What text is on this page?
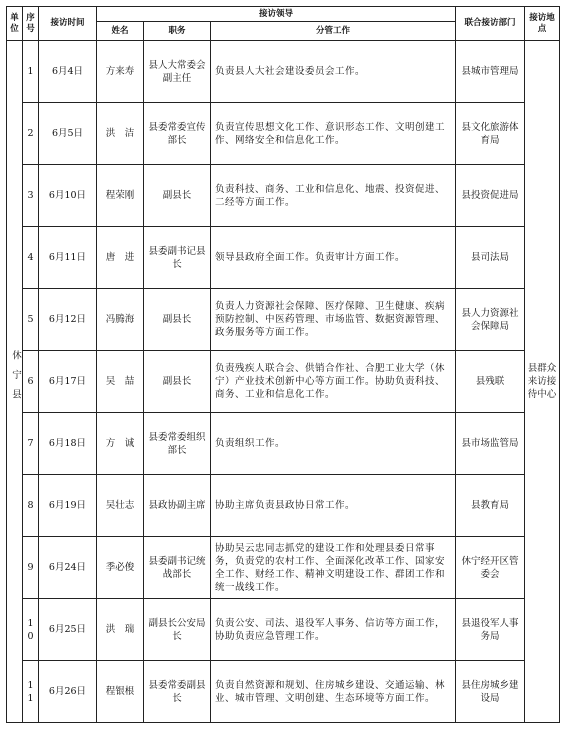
单位	序号	接访时间	接访领导			联合接访部门	接访地点
			姓名	职务	分管工作		
休宁县	1	6月4日	方来寿	县人大常委会副主任	负责县人大社会建设委员会工作。	县城市管理局	县群众来访接待中心
	2	6月5日	洪　洁	县委常委宣传部长	负责宣传思想文化工作、意识形态工作、文明创建工作、网络安全和信息化工作。	县文化旅游体育局	
	3	6月10日	程荣刚	副县长	负责科技、商务、工业和信息化、地震、投资促进、二经等方面工作。	县投资促进局	
	4	6月11日	唐　进	县委副书记县长	领导县政府全面工作。负责审计方面工作。	县司法局	
	5	6月12日	冯腾海	副县长	负责人力资源社会保障、医疗保障、卫生健康、疾病预防控制、中医药管理、市场监管、数据资源管理、政务服务等方面工作。	县人力资源社会保障局	
	6	6月17日	吴　喆	副县长	负责残疾人联合会、供销合作社、合肥工业大学（休宁）产业技术创新中心等方面工作。协助负责科技、商务、工业和信息化工作。	县残联	
	7	6月18日	方　诚	县委常委组织部长	负责组织工作。	县市场监管局	
	8	6月19日	吴壮志	县政协副主席	协助主席负责县政协日常工作。	县教育局	
	9	6月24日	季必俊	县委副书记统战部长	协助吴云忠同志抓党的建设工作和处理县委日常事务，负责党的农村工作、全面深化改革工作、国家安全工作、财经工作、精神文明建设工作、群团工作和统一战线工作。	休宁经开区管委会	
	10	6月25日	洪　瑞	副县长公安局长	负责公安、司法、退役军人事务、信访等方面工作，协助负责应急管理工作。	县退役军人事务局	
	11	6月26日	程银根	县委常委副县长	负责自然资源和规划、住房城乡建设、交通运输、林业、城市管理、文明创建、生态环境等方面工作。	县住房城乡建设局	
